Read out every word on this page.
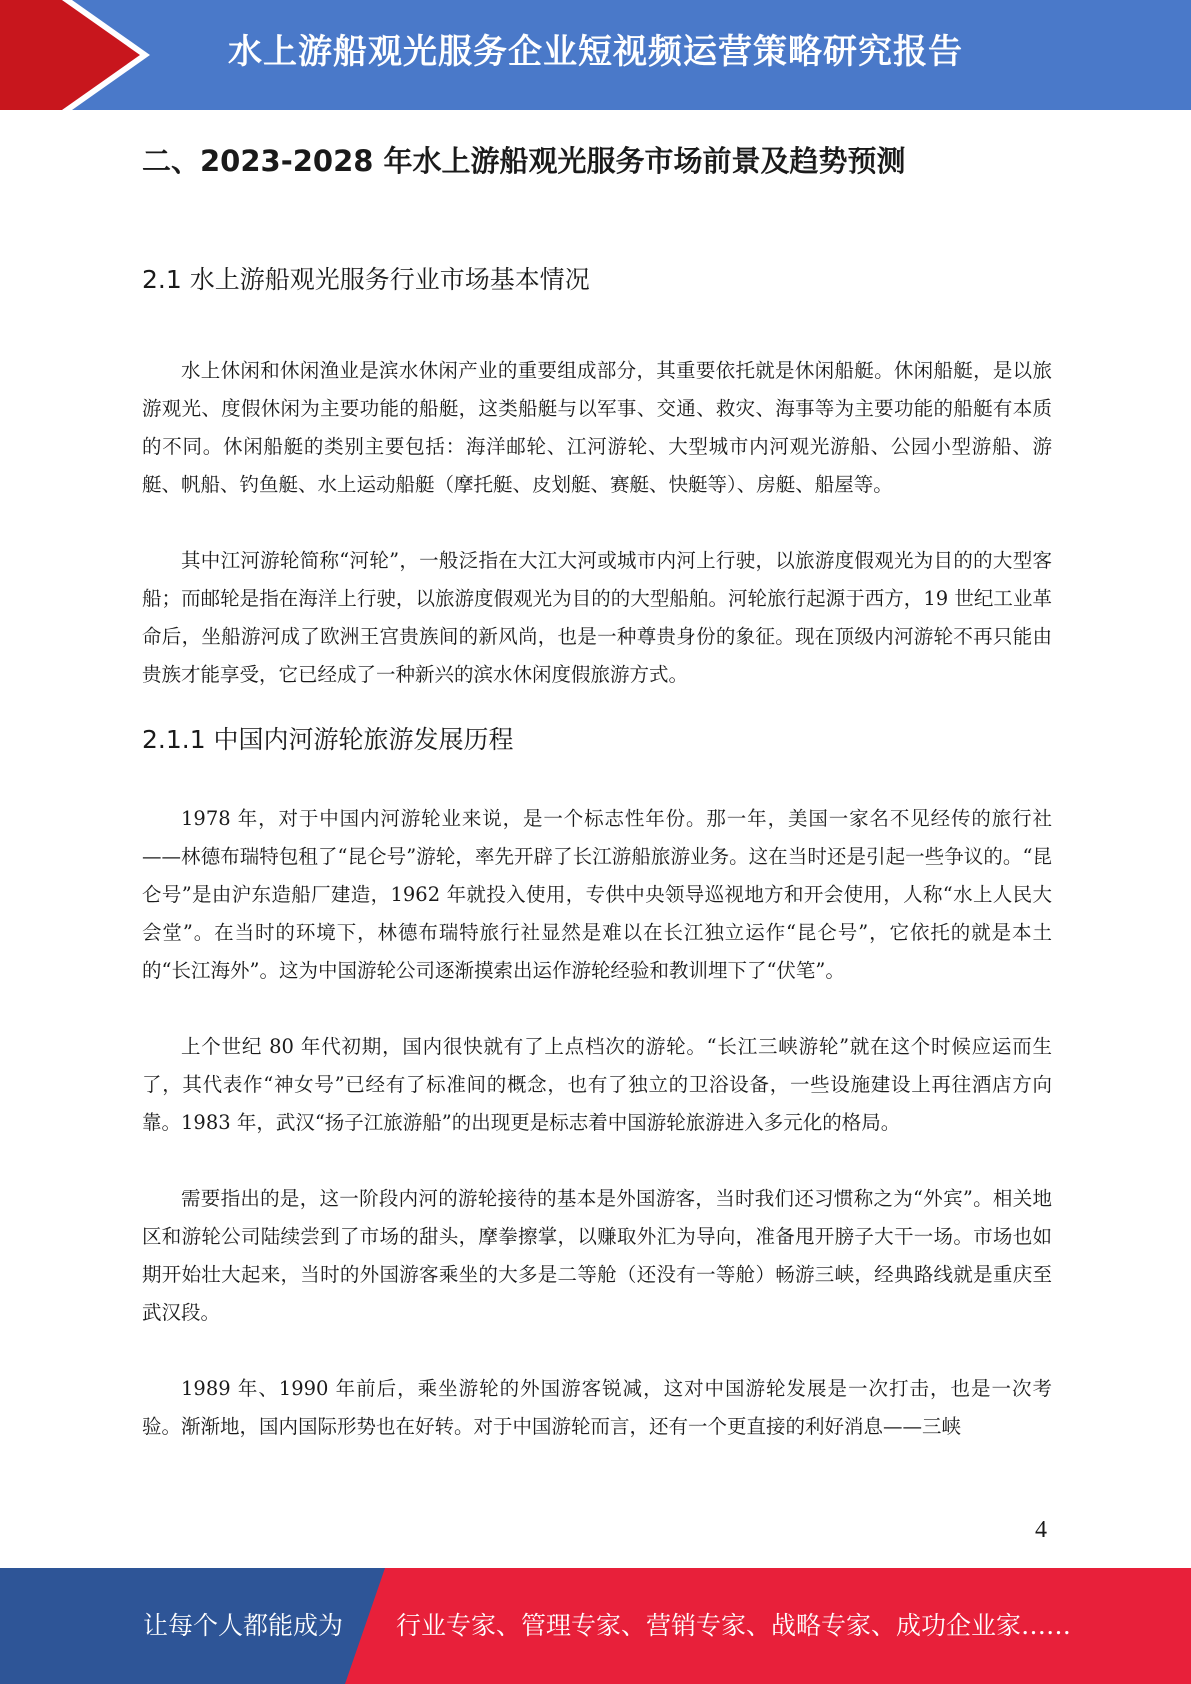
水上游船观光服务企业短视频运营策略研究报告
二、2023-2028 年水上游船观光服务市场前景及趋势预测
2.1 水上游船观光服务行业市场基本情况

水上休闲和休闲渔业是滨水休闲产业的重要组成部分，其重要依托就是休闲船艇。休闲船艇，是以旅游观光、度假休闲为主要功能的船艇，这类船艇与以军事、交通、救灾、海事等为主要功能的船艇有本质的不同。休闲船艇的类别主要包括：海洋邮轮、江河游轮、大型城市内河观光游船、公园小型游船、游艇、帆船、钓鱼艇、水上运动船艇（摩托艇、皮划艇、赛艇、快艇等）、房艇、船屋等。

其中江河游轮简称“河轮”，一般泛指在大江大河或城市内河上行驶，以旅游度假观光为目的的大型客船；而邮轮是指在海洋上行驶，以旅游度假观光为目的的大型船舶。河轮旅行起源于西方，19 世纪工业革命后，坐船游河成了欧洲王宫贵族间的新风尚，也是一种尊贵身份的象征。现在顶级内河游轮不再只能由贵族才能享受，它已经成了一种新兴的滨水休闲度假旅游方式。

2.1.1 中国内河游轮旅游发展历程

1978 年，对于中国内河游轮业来说，是一个标志性年份。那一年，美国一家名不见经传的旅行社——林德布瑞特包租了“昆仑号”游轮，率先开辟了长江游船旅游业务。这在当时还是引起一些争议的。“昆仑号”是由沪东造船厂建造，1962 年就投入使用，专供中央领导巡视地方和开会使用，人称“水上人民大会堂”。在当时的环境下，林德布瑞特旅行社显然是难以在长江独立运作“昆仑号”，它依托的就是本土的“长江海外”。这为中国游轮公司逐渐摸索出运作游轮经验和教训埋下了“伏笔”。

上个世纪 80 年代初期，国内很快就有了上点档次的游轮。“长江三峡游轮”就在这个时候应运而生了，其代表作“神女号”已经有了标准间的概念，也有了独立的卫浴设备，一些设施建设上再往酒店方向靠。1983 年，武汉“扬子江旅游船”的出现更是标志着中国游轮旅游进入多元化的格局。

需要指出的是，这一阶段内河的游轮接待的基本是外国游客，当时我们还习惯称之为“外宾”。相关地区和游轮公司陆续尝到了市场的甜头，摩拳擦掌，以赚取外汇为导向，准备甩开膀子大干一场。市场也如期开始壮大起来，当时的外国游客乘坐的大多是二等舱（还没有一等舱）畅游三峡，经典路线就是重庆至武汉段。

1989 年、1990 年前后，乘坐游轮的外国游客锐减，这对中国游轮发展是一次打击，也是一次考验。渐渐地，国内国际形势也在好转。对于中国游轮而言，还有一个更直接的利好消息——三峡

4
让每个人都能成为 行业专家、管理专家、营销专家、战略专家、成功企业家……
